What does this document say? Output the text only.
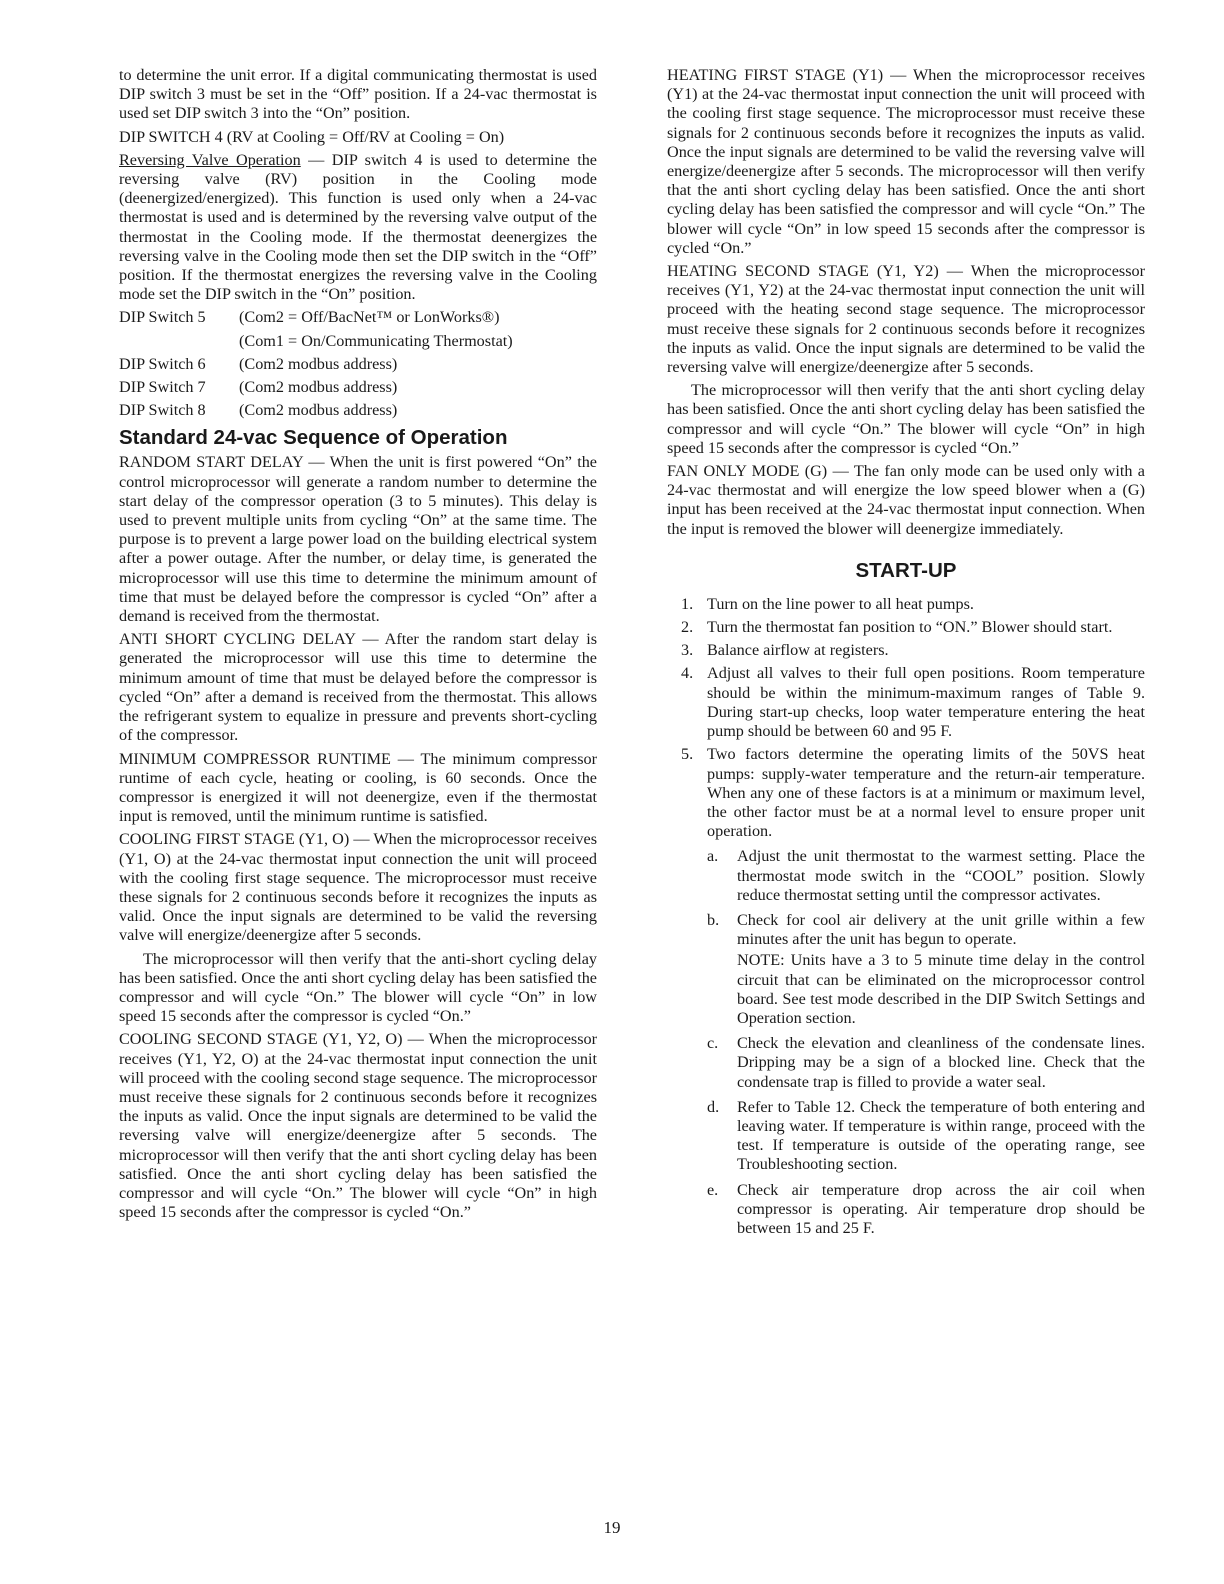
to determine the unit error. If a digital communicating thermostat is used DIP switch 3 must be set in the “Off” position. If a 24-vac thermostat is used set DIP switch 3 into the “On” position.

DIP SWITCH 4 (RV at Cooling = Off/RV at Cooling = On)

Reversing Valve Operation — DIP switch 4 is used to determine the reversing valve (RV) position in the Cooling mode (deenergized/energized). This function is used only when a 24-vac thermostat is used and is determined by the reversing valve output of the thermostat in the Cooling mode. If the thermostat deenergizes the reversing valve in the Cooling mode then set the DIP switch in the “Off” position. If the thermostat energizes the reversing valve in the Cooling mode set the DIP switch in the “On” position.

DIP Switch 5	(Com2 = Off/BacNet™ or LonWorks®)
(Com1 = On/Communicating Thermostat)
DIP Switch 6	(Com2 modbus address)
DIP Switch 7	(Com2 modbus address)
DIP Switch 8	(Com2 modbus address)
Standard 24-vac Sequence of Operation

RANDOM START DELAY — When the unit is first powered “On” the control microprocessor will generate a random number to determine the start delay of the compressor operation (3 to 5 minutes). This delay is used to prevent multiple units from cycling “On” at the same time. The purpose is to prevent a large power load on the building electrical system after a power outage. After the number, or delay time, is generated the microprocessor will use this time to determine the minimum amount of time that must be delayed before the compressor is cycled “On” after a demand is received from the thermostat.

ANTI SHORT CYCLING DELAY — After the random start delay is generated the microprocessor will use this time to determine the minimum amount of time that must be delayed before the compressor is cycled “On” after a demand is received from the thermostat. This allows the refrigerant system to equalize in pressure and prevents short-cycling of the compressor.

MINIMUM COMPRESSOR RUNTIME — The minimum compressor runtime of each cycle, heating or cooling, is 60 seconds. Once the compressor is energized it will not deenergize, even if the thermostat input is removed, until the minimum runtime is satisfied.

COOLING FIRST STAGE (Y1, O) — When the microprocessor receives (Y1, O) at the 24-vac thermostat input connection the unit will proceed with the cooling first stage sequence. The microprocessor must receive these signals for 2 continuous seconds before it recognizes the inputs as valid. Once the input signals are determined to be valid the reversing valve will energize/deenergize after 5 seconds.

The microprocessor will then verify that the anti-short cycling delay has been satisfied. Once the anti short cycling delay has been satisfied the compressor and will cycle “On.” The blower will cycle “On” in low speed 15 seconds after the compressor is cycled “On.”

COOLING SECOND STAGE (Y1, Y2, O) — When the microprocessor receives (Y1, Y2, O) at the 24-vac thermostat input connection the unit will proceed with the cooling second stage sequence. The microprocessor must receive these signals for 2 continuous seconds before it recognizes the inputs as valid. Once the input signals are determined to be valid the reversing valve will energize/deenergize after 5 seconds. The microprocessor will then verify that the anti short cycling delay has been satisfied. Once the anti short cycling delay has been satisfied the compressor and will cycle “On.” The blower will cycle “On” in high speed 15 seconds after the compressor is cycled “On.”

HEATING FIRST STAGE (Y1) — When the microprocessor receives (Y1) at the 24-vac thermostat input connection the unit will proceed with the cooling first stage sequence. The microprocessor must receive these signals for 2 continuous seconds before it recognizes the inputs as valid. Once the input signals are determined to be valid the reversing valve will energize/deenergize after 5 seconds. The microprocessor will then verify that the anti short cycling delay has been satisfied. Once the anti short cycling delay has been satisfied the compressor and will cycle “On.” The blower will cycle “On” in low speed 15 seconds after the compressor is cycled “On.”

HEATING SECOND STAGE (Y1, Y2) — When the microprocessor receives (Y1, Y2) at the 24-vac thermostat input connection the unit will proceed with the heating second stage sequence. The microprocessor must receive these signals for 2 continuous seconds before it recognizes the inputs as valid. Once the input signals are determined to be valid the reversing valve will energize/deenergize after 5 seconds.

The microprocessor will then verify that the anti short cycling delay has been satisfied. Once the anti short cycling delay has been satisfied the compressor and will cycle “On.” The blower will cycle “On” in high speed 15 seconds after the compressor is cycled “On.”

FAN ONLY MODE (G) — The fan only mode can be used only with a 24-vac thermostat and will energize the low speed blower when a (G) input has been received at the 24-vac thermostat input connection. When the input is removed the blower will deenergize immediately.

START-UP
1. Turn on the line power to all heat pumps.
2. Turn the thermostat fan position to “ON.” Blower should start.
3. Balance airflow at registers.
4. Adjust all valves to their full open positions. Room temperature should be within the minimum-maximum ranges of Table 9. During start-up checks, loop water temperature entering the heat pump should be between 60 and 95 F.
5. Two factors determine the operating limits of the 50VS heat pumps: supply-water temperature and the return-air temperature. When any one of these factors is at a minimum or maximum level, the other factor must be at a normal level to ensure proper unit operation.
a.	Adjust the unit thermostat to the warmest setting. Place the thermostat mode switch in the “COOL” position. Slowly reduce thermostat setting until the compressor activates.

b.	Check for cool air delivery at the unit grille within a few minutes after the unit has begun to operate.

NOTE: Units have a 3 to 5 minute time delay in the control circuit that can be eliminated on the microprocessor control board. See test mode described in the DIP Switch Settings and Operation section.

c.	Check the elevation and cleanliness of the condensate lines. Dripping may be a sign of a blocked line. Check that the condensate trap is filled to provide a water seal.

d.	Refer to Table 12. Check the temperature of both entering and leaving water. If temperature is within range, proceed with the test. If temperature is outside of the operating range, see Troubleshooting section.

e.	Check air temperature drop across the air coil when compressor is operating. Air temperature drop should be between 15 and 25 F.

19
